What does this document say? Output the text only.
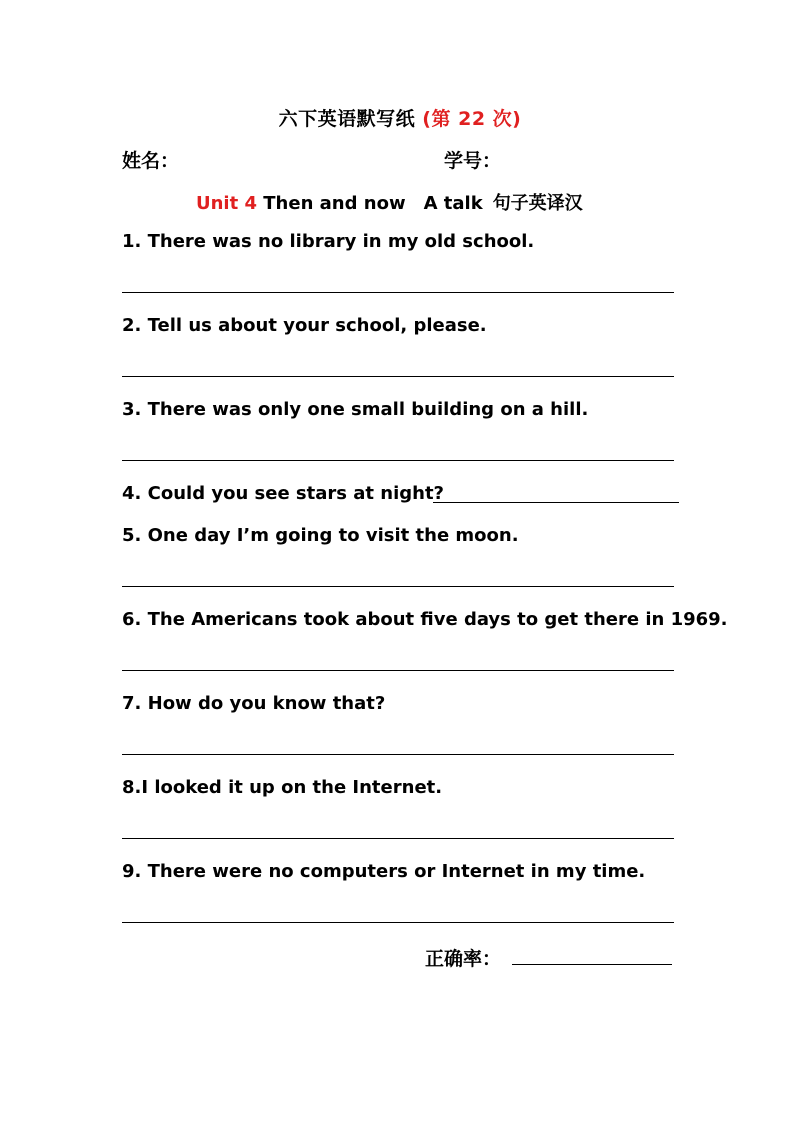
六下英语默写纸 (第 22 次)
姓名：	学号：
Unit 4 Then and now A talk 句子英译汉
1. There was no library in my old school.
2. Tell us about your school, please.
3. There was only one small building on a hill.
4. Could you see stars at night?
5. One day I’m going to visit the moon.
6. The Americans took about five days to get there in 1969.
7. How do you know that?
8.I looked it up on the Internet.
9. There were no computers or Internet in my time.
正确率：
